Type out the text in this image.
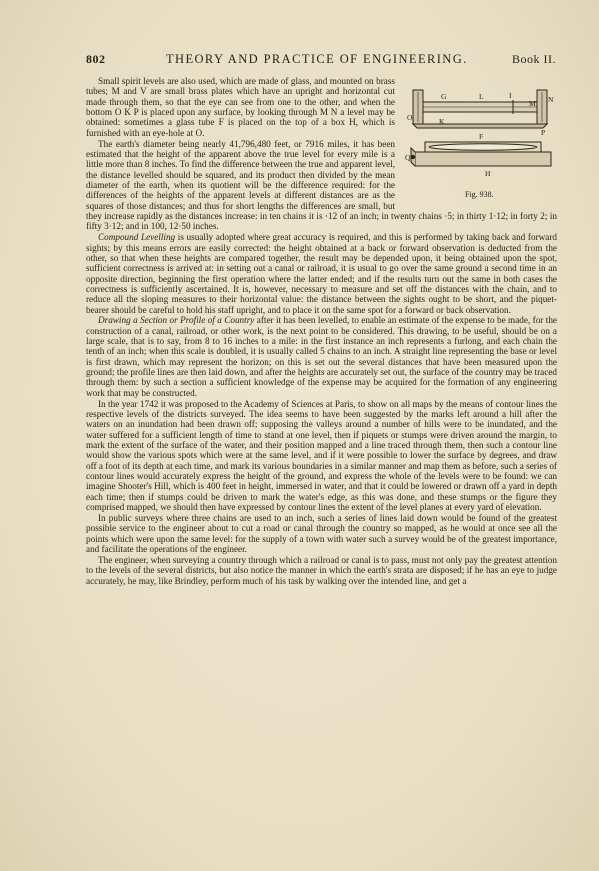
802	THEORY AND PRACTICE OF ENGINEERING.	Book II.
G	L	I	N
M
O	K
P
F
Q
H
Fig. 938.

Small spirit levels are also used, which are made of glass, and mounted on brass tubes; M and V are small brass plates which have an upright and horizontal cut made through them, so that the eye can see from one to the other, and when the bottom O K P is placed upon any surface, by looking through M N a level may be obtained: sometimes a glass tube F is placed on the top of a box H, which is furnished with an eye-hole at O.

The earth's diameter being nearly 41,796,480 feet, or 7916 miles, it has been estimated that the height of the apparent above the true level for every mile is a little more than 8 inches. To find the difference between the true and apparent level, the distance levelled should be squared, and its product then divided by the mean diameter of the earth, when its quotient will be the difference required: for the differences of the heights of the apparent levels at different distances are as the squares of those distances; and thus for short lengths the differences are small, but they increase rapidly as the distances increase: in ten chains it is ·12 of an inch; in twenty chains ·5; in thirty 1·12; in forty 2; in fifty 3·12; and in 100, 12·50 inches.

Compound Levelling is usually adopted where great accuracy is required, and this is performed by taking back and forward sights; by this means errors are easily corrected: the height obtained at a back or forward observation is deducted from the other, so that when these heights are compared together, the result may be depended upon, it being obtained upon the spot, sufficient correctness is arrived at: in setting out a canal or railroad, it is usual to go over the same ground a second time in an opposite direction, beginning the first operation where the latter ended; and if the results turn out the same in both cases the correctness is sufficiently ascertained. It is, however, necessary to measure and set off the distances with the chain, and to reduce all the sloping measures to their horizontal value: the distance between the sights ought to be short, and the piquet-bearer should be careful to hold his staff upright, and to place it on the same spot for a forward or back observation.

Drawing a Section or Profile of a Country after it has been levelled, to enable an estimate of the expense to be made, for the construction of a canal, railroad, or other work, is the next point to be considered. This drawing, to be useful, should be on a large scale, that is to say, from 8 to 16 inches to a mile: in the first instance an inch represents a furlong, and each chain the tenth of an inch; when this scale is doubled, it is usually called 5 chains to an inch. A straight line representing the base or level is first drawn, which may represent the horizon; on this is set out the several distances that have been measured upon the ground; the profile lines are then laid down, and after the heights are accurately set out, the surface of the country may be traced through them: by such a section a sufficient knowledge of the expense may be acquired for the formation of any engineering work that may be constructed.

In the year 1742 it was proposed to the Academy of Sciences at Paris, to show on all maps by the means of contour lines the respective levels of the districts surveyed. The idea seems to have been suggested by the marks left around a hill after the waters on an inundation had been drawn off; supposing the valleys around a number of hills were to be inundated, and the water suffered for a sufficient length of time to stand at one level, then if piquets or stumps were driven around the margin, to mark the extent of the surface of the water, and their position mapped and a line traced through them, then such a contour line would show the various spots which were at the same level, and if it were possible to lower the surface by degrees, and draw off a foot of its depth at each time, and mark its various boundaries in a similar manner and map them as before, such a series of contour lines would accurately express the height of the ground, and express the whole of the levels were to be found: we can imagine Shooter's Hill, which is 400 feet in height, immersed in water, and that it could be lowered or drawn off a yard in depth each time; then if stumps could be driven to mark the water's edge, as this was done, and these stumps or the figure they comprised mapped, we should then have expressed by contour lines the extent of the level planes at every yard of elevation.

In public surveys where three chains are used to an inch, such a series of lines laid down would be found of the greatest possible service to the engineer about to cut a road or canal through the country so mapped, as he would at once see all the points which were upon the same level: for the supply of a town with water such a survey would be of the greatest importance, and facilitate the operations of the engineer.

The engineer, when surveying a country through which a railroad or canal is to pass, must not only pay the greatest attention to the levels of the several districts, but also notice the manner in which the earth's strata are disposed; if he has an eye to judge accurately, he may, like Brindley, perform much of his task by walking over the intended line, and get a
